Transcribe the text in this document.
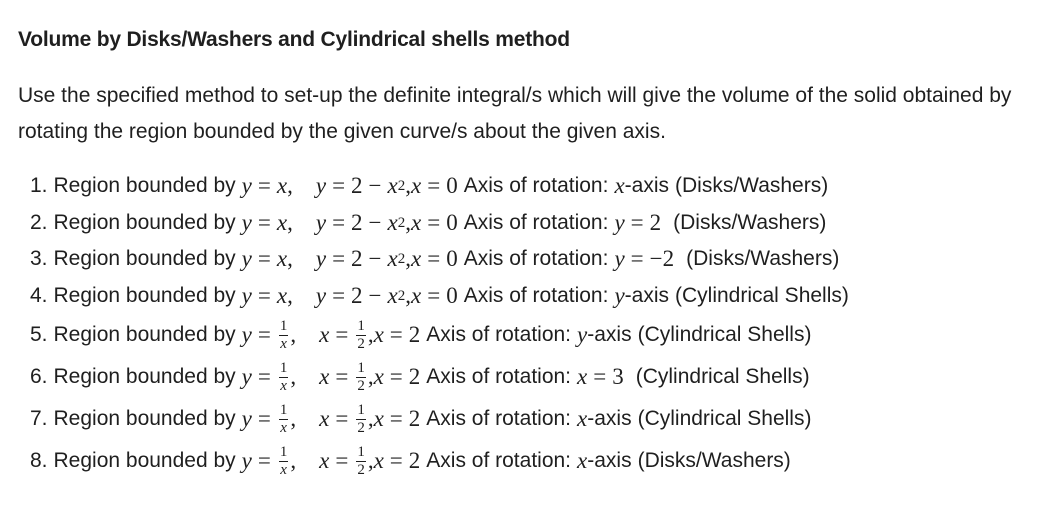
Volume by Disks/Washers and Cylindrical shells method
Use the specified method to set-up the definite integral/s which will give the volume of the solid obtained by rotating the region bounded by the given curve/s about the given axis.
1. Region bounded by y = x ,  y = 2 − x 2 , x = 0 Axis of rotation: x -axis (Disks/Washers)
2. Region bounded by y = x ,  y = 2 − x 2 , x = 0 Axis of rotation: y = 2 (Disks/Washers)
3. Region bounded by y = x ,  y = 2 − x 2 , x = 0 Axis of rotation: y = −2 (Disks/Washers)
4. Region bounded by y = x ,  y = 2 − x 2 , x = 0 Axis of rotation: y -axis (Cylindrical Shells)
5. Region bounded by $y = \frac{1}{x}$ ,  $x = \frac{1}{2}$ , x = 2 Axis of rotation: y -axis (Cylindrical Shells)
6. Region bounded by $y = \frac{1}{x}$ ,  $x = \frac{1}{2}$ , x = 2 Axis of rotation: x = 3 (Cylindrical Shells)
7. Region bounded by $y = \frac{1}{x}$ ,  $x = \frac{1}{2}$ , x = 2 Axis of rotation: x -axis (Cylindrical Shells)
8. Region bounded by $y = \frac{1}{x}$ ,  $x = \frac{1}{2}$ , x = 2 Axis of rotation: x -axis (Disks/Washers)
